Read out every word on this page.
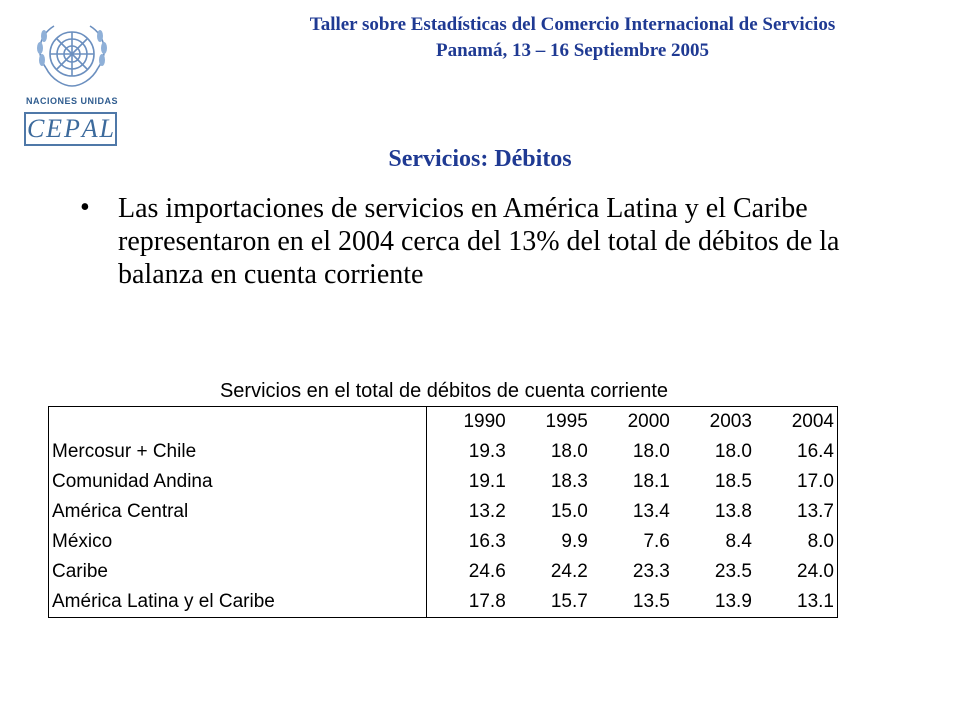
Taller sobre Estadísticas del Comercio Internacional de Servicios
Panamá, 13 – 16 Septiembre 2005
NACIONES UNIDAS
C E P A L
Servicios: Débitos
•	Las importaciones de servicios en América Latina y el Caribe representaron en el 2004 cerca del 13% del total de débitos de la balanza en cuenta corriente
Servicios en el total de débitos de cuenta corriente
	1990	1995	2000	2003	2004
Mercosur + Chile	19.3	18.0	18.0	18.0	16.4
Comunidad Andina	19.1	18.3	18.1	18.5	17.0
América Central	13.2	15.0	13.4	13.8	13.7
México	16.3	9.9	7.6	8.4	8.0
Caribe	24.6	24.2	23.3	23.5	24.0
América Latina y el Caribe	17.8	15.7	13.5	13.9	13.1
